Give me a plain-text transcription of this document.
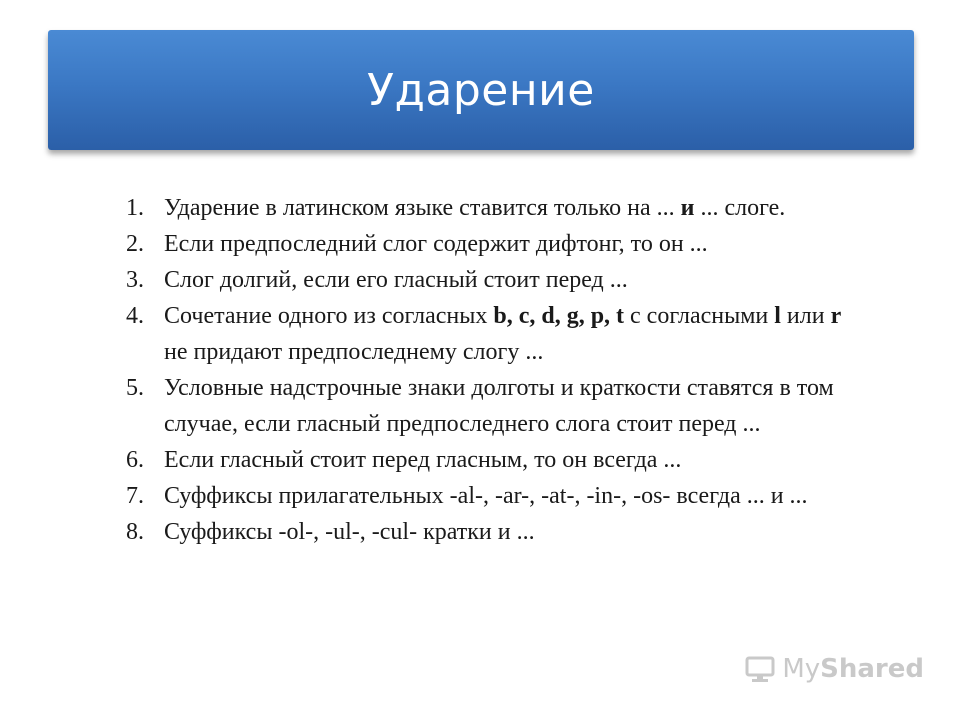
Ударение
1. Ударение в латинском языке ставится только на ... и ... слоге.
2. Если предпоследний слог содержит дифтонг, то он ...
3. Слог долгий, если его гласный стоит перед ...
4. Сочетание одного из согласных b, c, d, g, p, t с согласными l или r не придают предпоследнему слогу ...
5. Условные надстрочные знаки долготы и краткости ставятся в том случае, если гласный предпоследнего слога стоит перед ...
6. Если гласный стоит перед гласным, то он всегда ...
7. Суффиксы прилагательных -al-, -ar-, -at-, -in-, -os- всегда ... и ...
8. Суффиксы -ol-, -ul-, -cul- кратки и ...
My Shared
